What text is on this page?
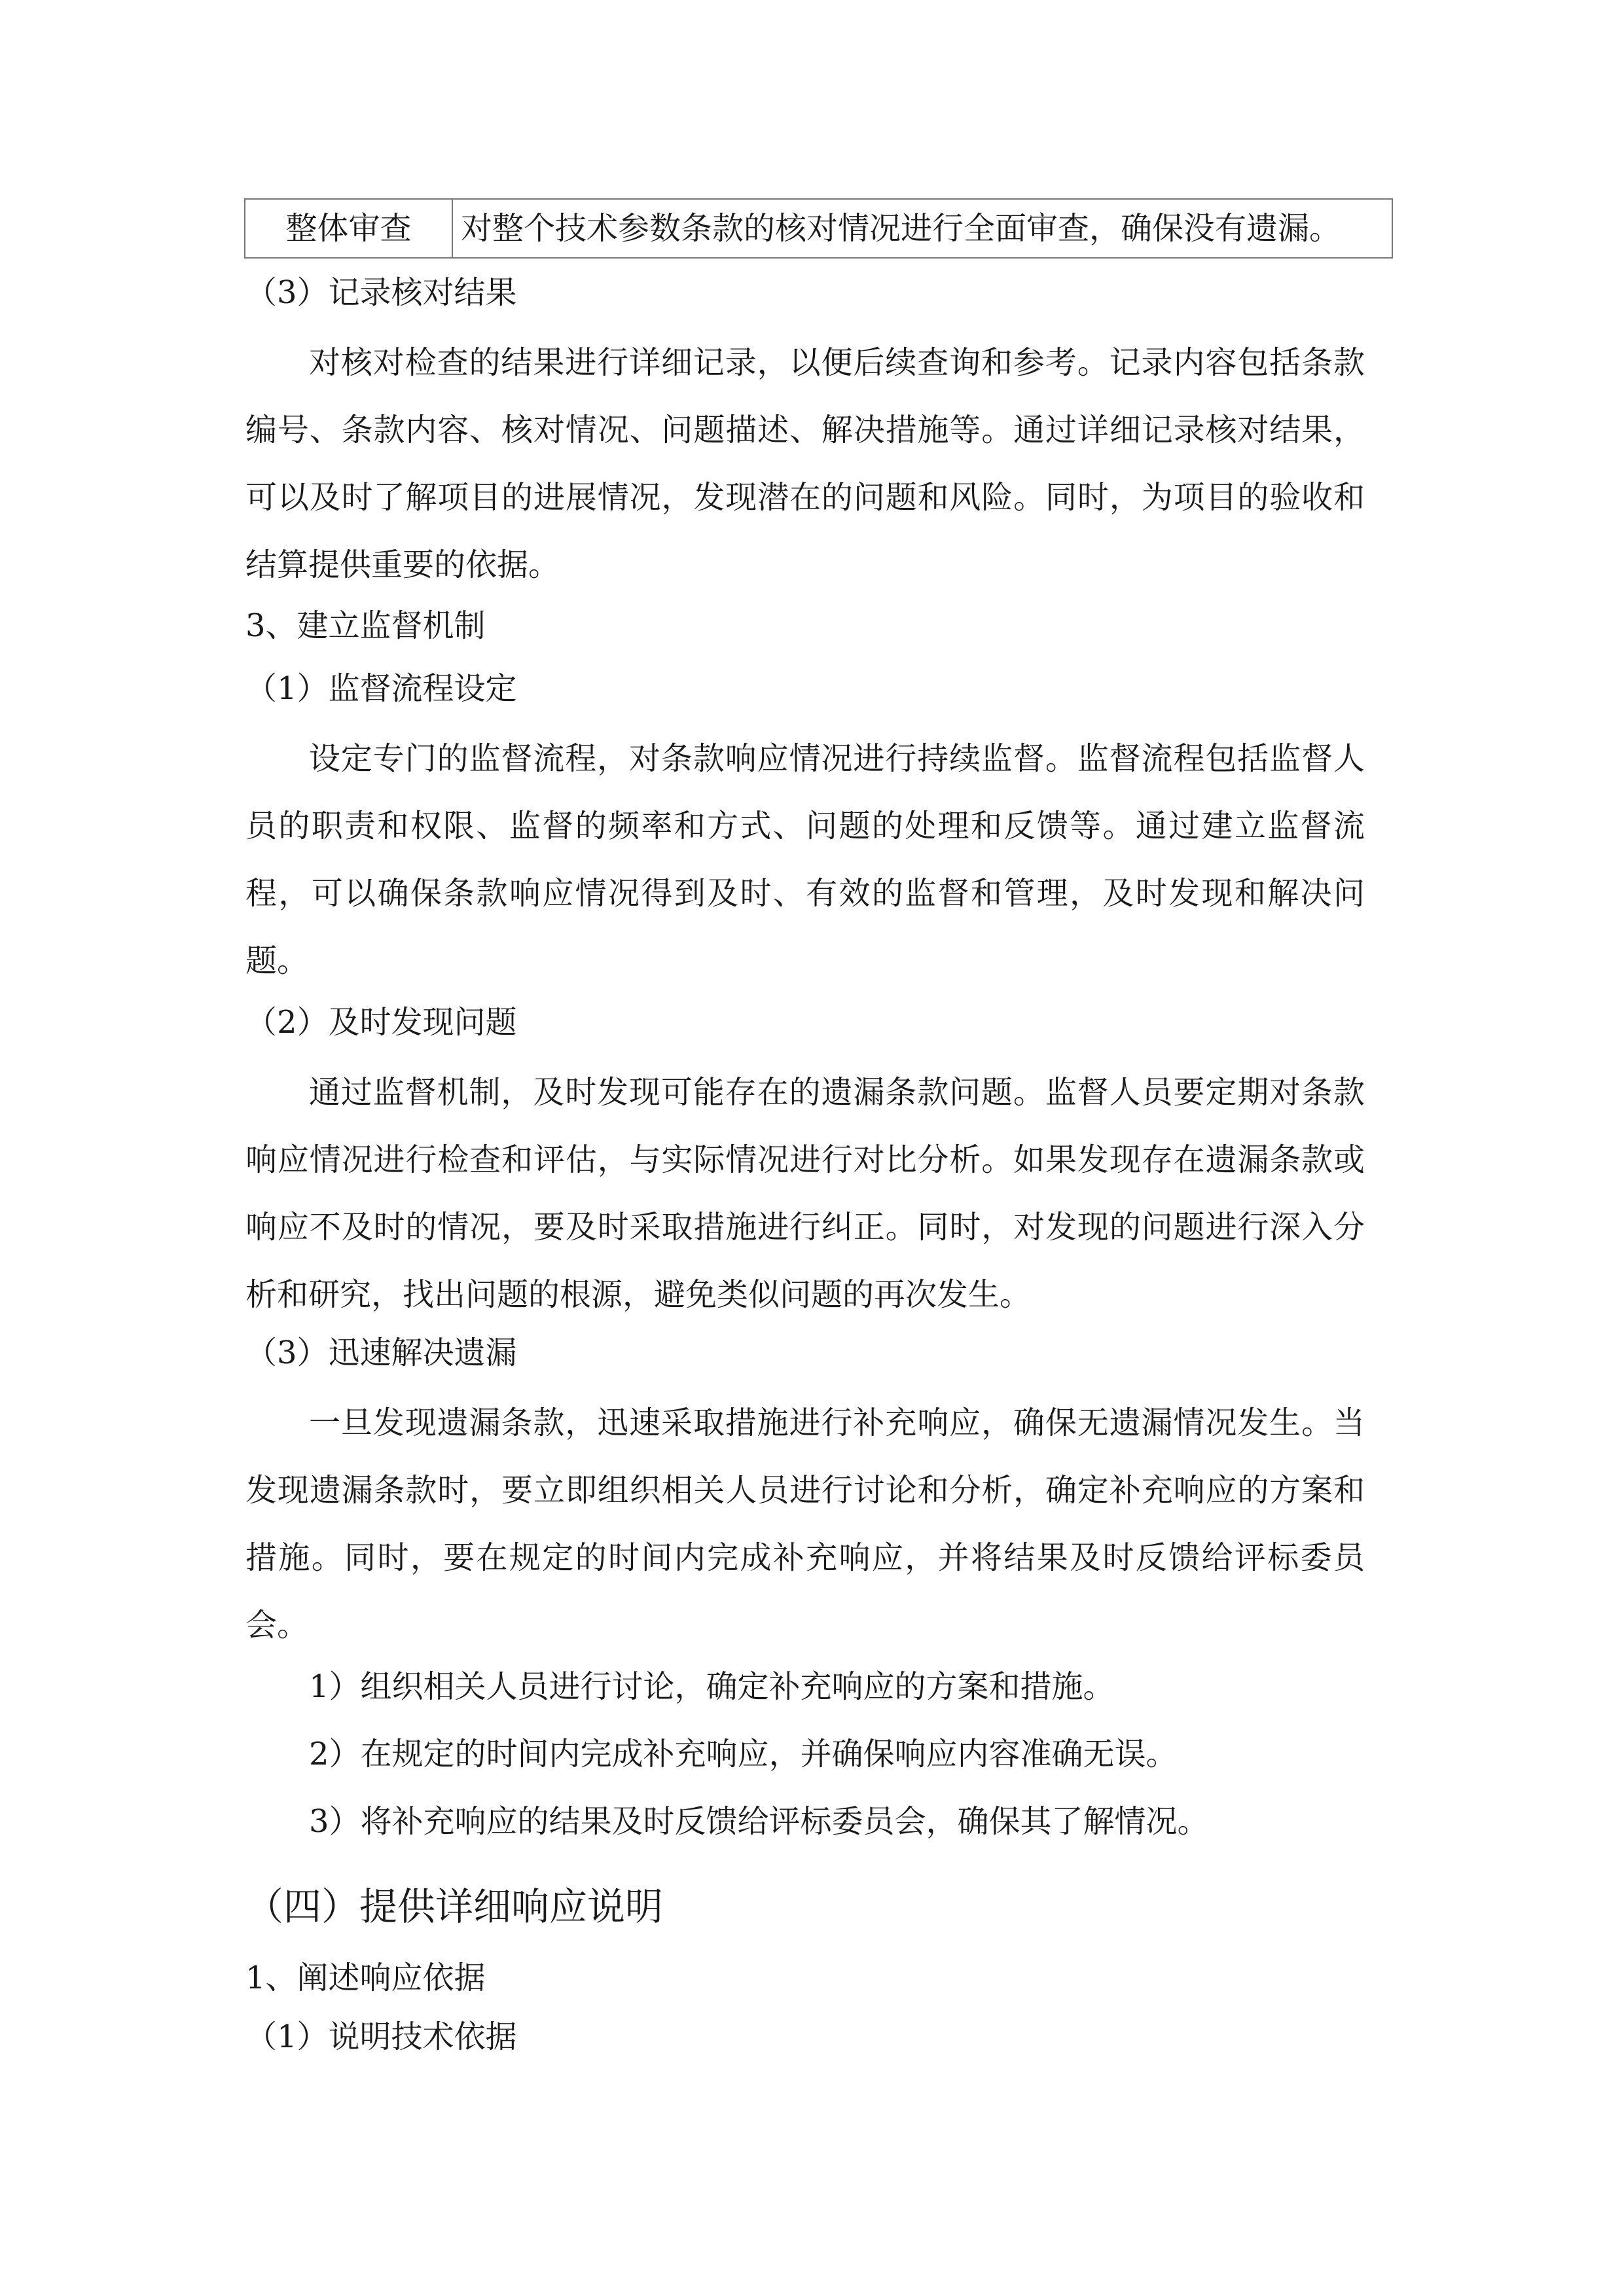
整体审查	对整个技术参数条款的核对情况进行全面审查，确保没有遗漏。

（3）记录核对结果

对核对检查的结果进行详细记录，以便后续查询和参考。记录内容包括条款编号、条款内容、核对情况、问题描述、解决措施等。通过详细记录核对结果，可以及时了解项目的进展情况，发现潜在的问题和风险。同时，为项目的验收和结算提供重要的依据。

3、建立监督机制

（1）监督流程设定

设定专门的监督流程，对条款响应情况进行持续监督。监督流程包括监督人员的职责和权限、监督的频率和方式、问题的处理和反馈等。通过建立监督流程，可以确保条款响应情况得到及时、有效的监督和管理，及时发现和解决问题。

（2）及时发现问题

通过监督机制，及时发现可能存在的遗漏条款问题。监督人员要定期对条款响应情况进行检查和评估，与实际情况进行对比分析。如果发现存在遗漏条款或响应不及时的情况，要及时采取措施进行纠正。同时，对发现的问题进行深入分析和研究，找出问题的根源，避免类似问题的再次发生。

（3）迅速解决遗漏

一旦发现遗漏条款，迅速采取措施进行补充响应，确保无遗漏情况发生。当发现遗漏条款时，要立即组织相关人员进行讨论和分析，确定补充响应的方案和措施。同时，要在规定的时间内完成补充响应，并将结果及时反馈给评标委员会。

1）组织相关人员进行讨论，确定补充响应的方案和措施。

2）在规定的时间内完成补充响应，并确保响应内容准确无误。

3）将补充响应的结果及时反馈给评标委员会，确保其了解情况。

（四）提供详细响应说明

1、阐述响应依据

（1）说明技术依据
